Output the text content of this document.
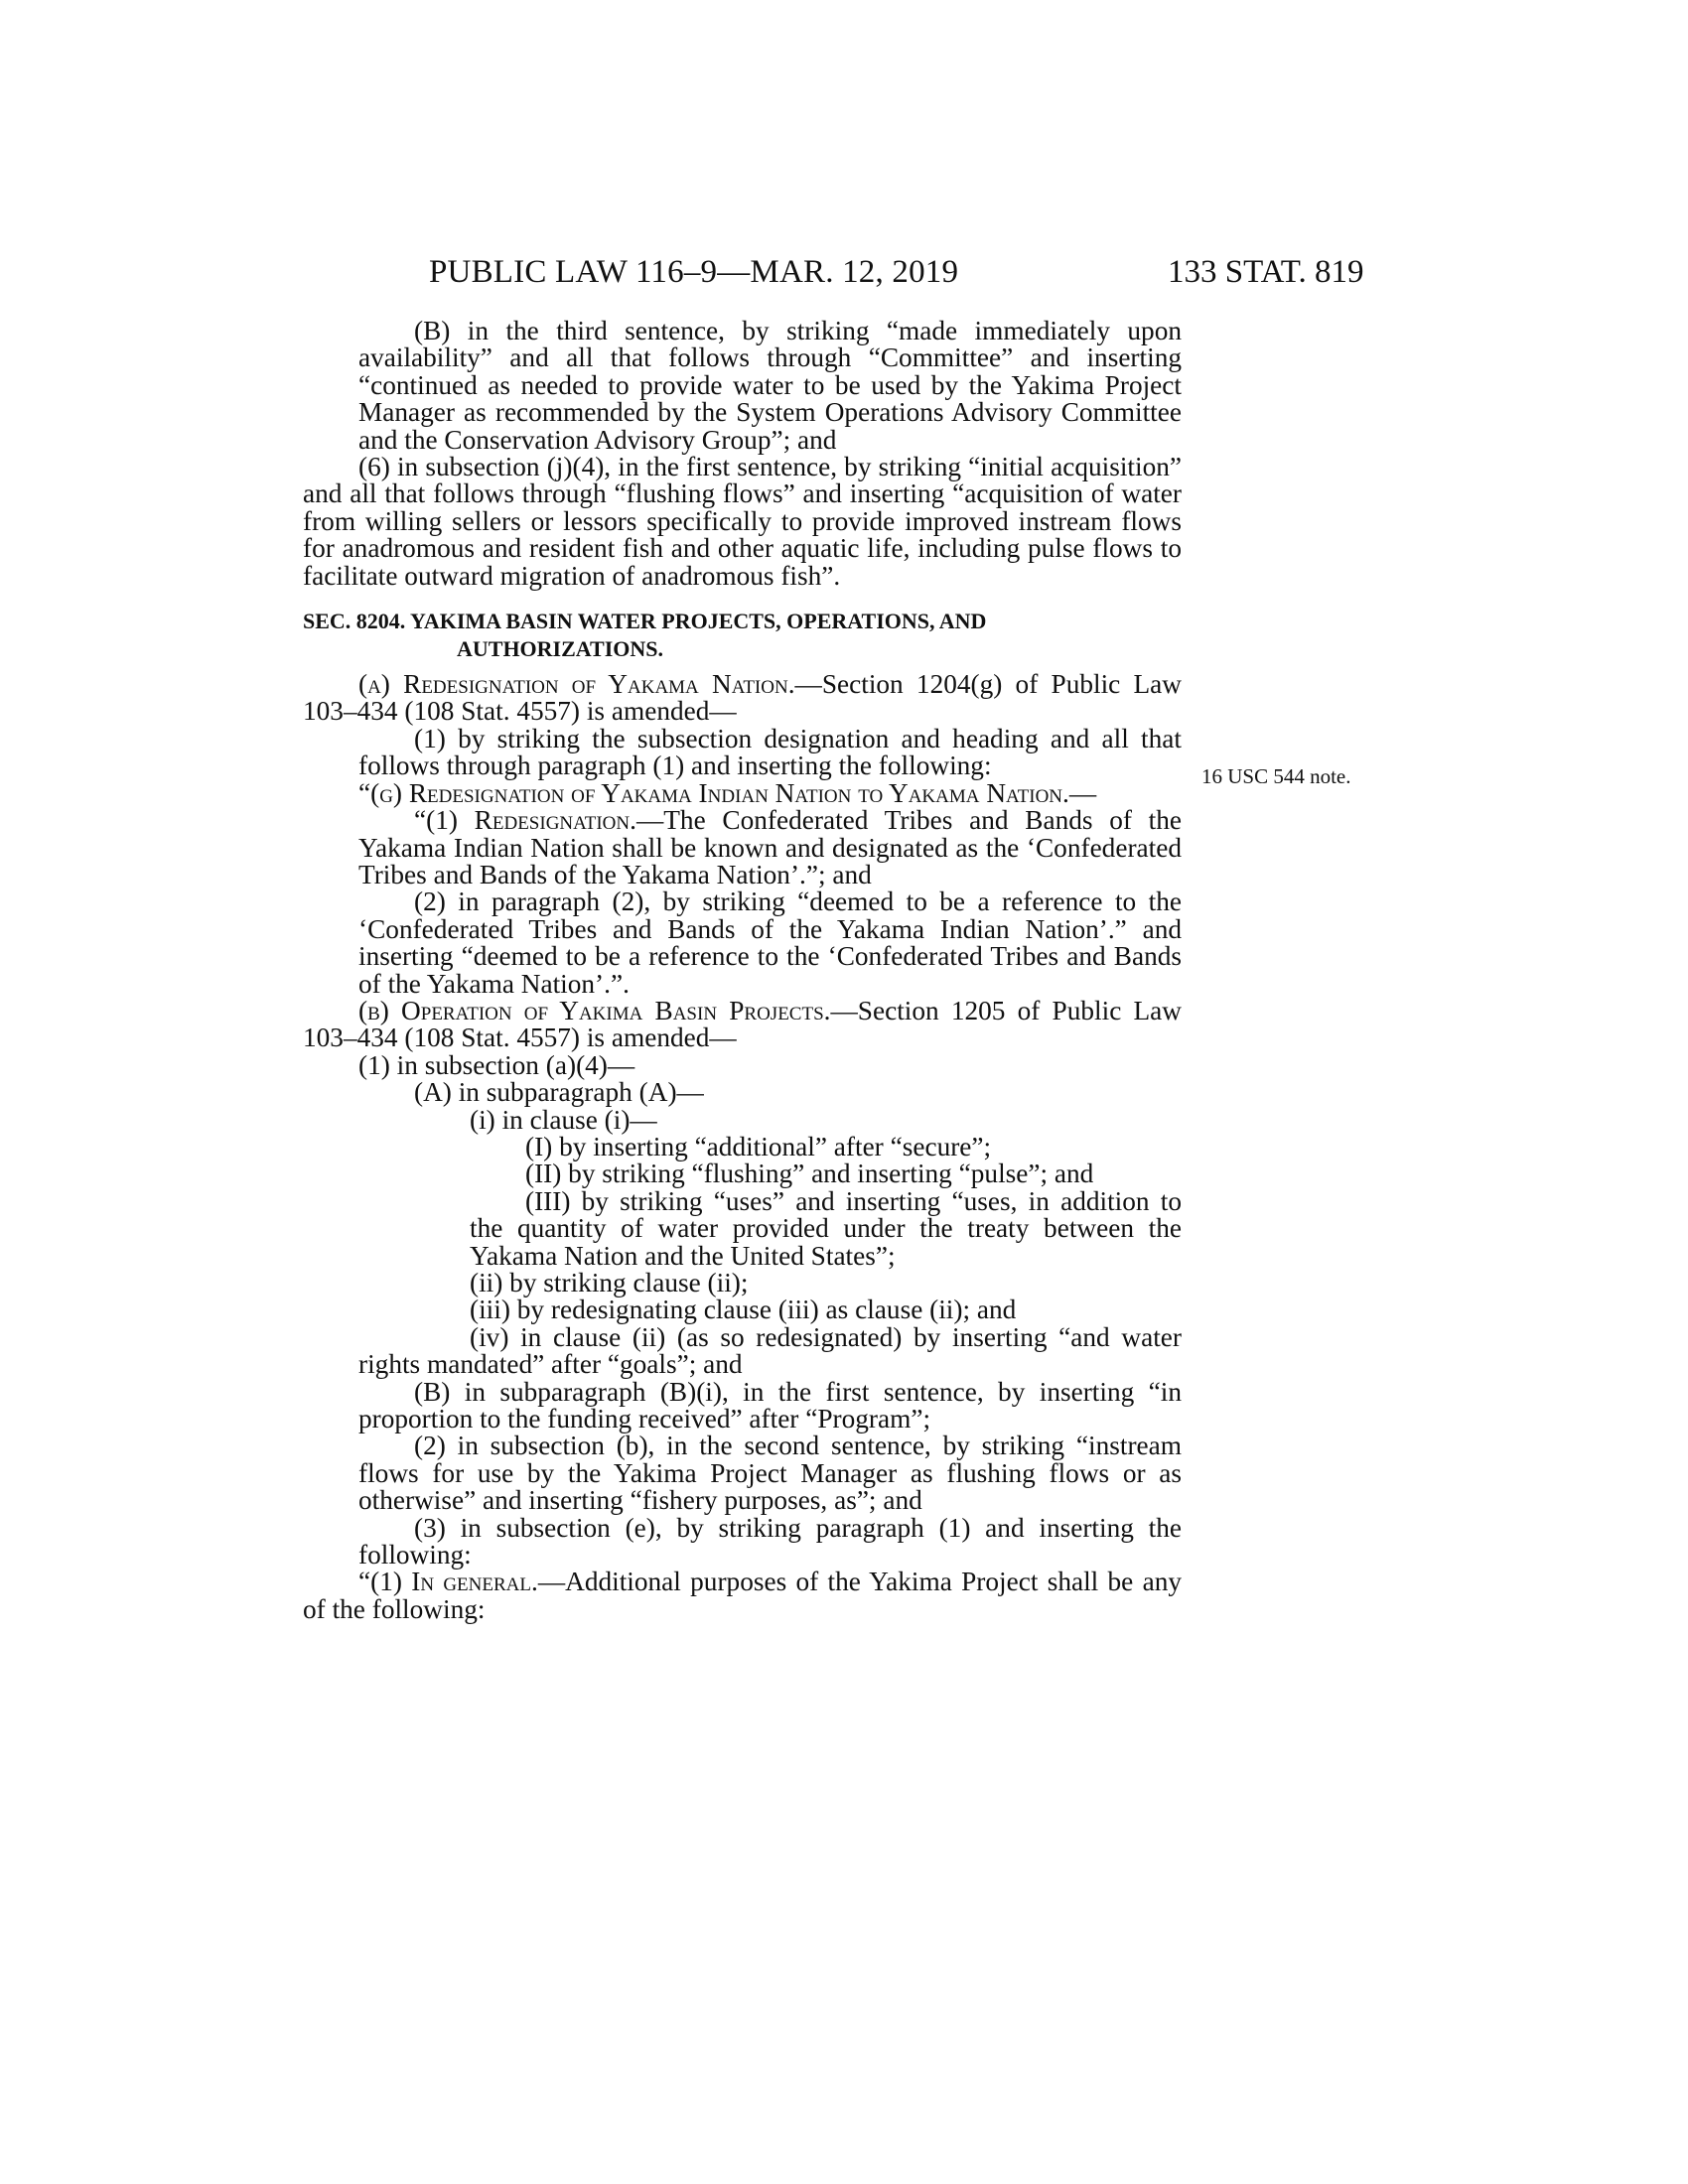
PUBLIC LAW 116–9—MAR. 12, 2019	133 STAT. 819
16 USC 544 note.

(B) in the third sentence, by striking “made immediately upon availability” and all that follows through “Committee” and inserting “continued as needed to provide water to be used by the Yakima Project Manager as recommended by the System Operations Advisory Committee and the Conservation Advisory Group”; and

(6) in subsection (j)(4), in the first sentence, by striking “initial acquisition” and all that follows through “flushing flows” and inserting “acquisition of water from willing sellers or lessors specifically to provide improved instream flows for anadromous and resident fish and other aquatic life, including pulse flows to facilitate outward migration of anadromous fish”.

SEC. 8204. YAKIMA BASIN WATER PROJECTS, OPERATIONS, AND
AUTHORIZATIONS.

(a) Redesignation of Yakama Nation.—Section 1204(g) of Public Law 103–434 (108 Stat. 4557) is amended—

(1) by striking the subsection designation and heading and all that follows through paragraph (1) and inserting the following:

“(g) Redesignation of Yakama Indian Nation to Yakama Nation.—

“(1) Redesignation.—The Confederated Tribes and Bands of the Yakama Indian Nation shall be known and designated as the ‘Confederated Tribes and Bands of the Yakama Nation’.”; and

(2) in paragraph (2), by striking “deemed to be a reference to the ‘Confederated Tribes and Bands of the Yakama Indian Nation’.” and inserting “deemed to be a reference to the ‘Confederated Tribes and Bands of the Yakama Nation’.”.

(b) Operation of Yakima Basin Projects.—Section 1205 of Public Law 103–434 (108 Stat. 4557) is amended—

(1) in subsection (a)(4)—

(A) in subparagraph (A)—

(i) in clause (i)—

(I) by inserting “additional” after “secure”;

(II) by striking “flushing” and inserting “pulse”; and

(III) by striking “uses” and inserting “uses, in addition to the quantity of water provided under the treaty between the Yakama Nation and the United States”;

(ii) by striking clause (ii);

(iii) by redesignating clause (iii) as clause (ii); and

(iv) in clause (ii) (as so redesignated) by inserting “and water rights mandated” after “goals”; and

(B) in subparagraph (B)(i), in the first sentence, by inserting “in proportion to the funding received” after “Program”;

(2) in subsection (b), in the second sentence, by striking “instream flows for use by the Yakima Project Manager as flushing flows or as otherwise” and inserting “fishery purposes, as”; and

(3) in subsection (e), by striking paragraph (1) and inserting the following:

“(1) In general.—Additional purposes of the Yakima Project shall be any of the following:
